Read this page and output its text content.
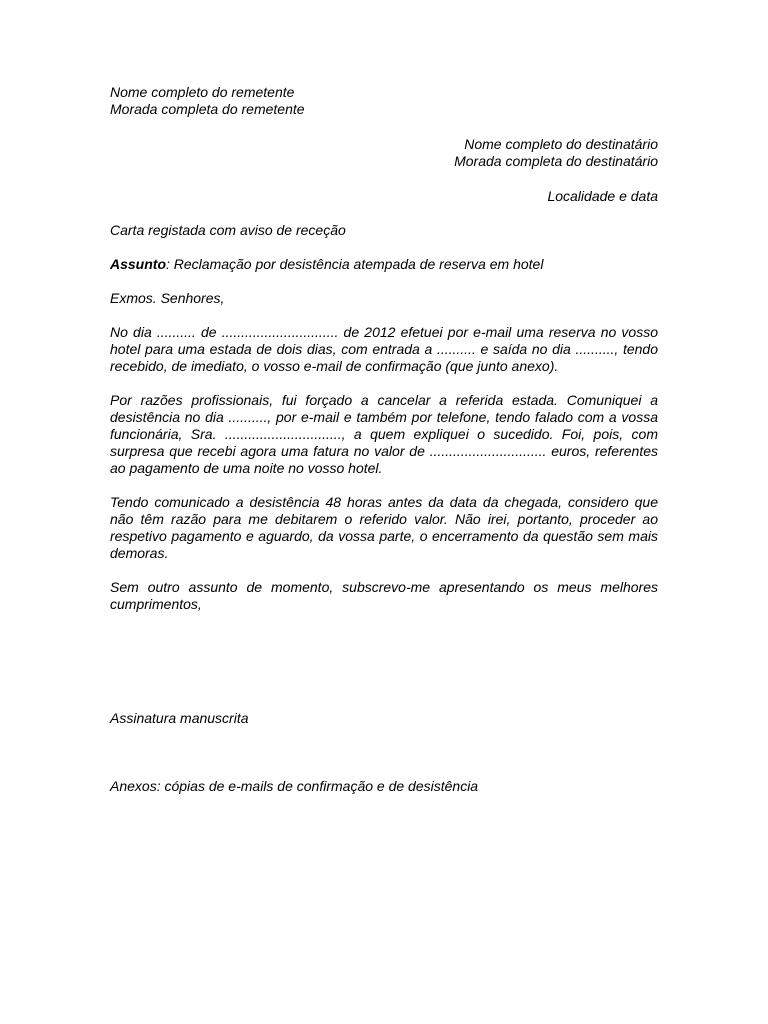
Nome completo do remetente
Morada completa do remetente
Nome completo do destinatário
Morada completa do destinatário
Localidade e data
Carta registada com aviso de receção
Assunto: Reclamação por desistência atempada de reserva em hotel
Exmos. Senhores,

No dia .......... de .............................. de 2012 efetuei por e-mail uma reserva no vosso hotel para uma estada de dois dias, com entrada a .......... e saída no dia .........., tendo recebido, de imediato, o vosso e-mail de confirmação (que junto anexo).

Por razões profissionais, fui forçado a cancelar a referida estada. Comuniquei a desistência no dia .........., por e-mail e também por telefone, tendo falado com a vossa funcionária, Sra. .............................., a quem expliquei o sucedido. Foi, pois, com surpresa que recebi agora uma fatura no valor de .............................. euros, referentes ao pagamento de uma noite no vosso hotel.

Tendo comunicado a desistência 48 horas antes da data da chegada, considero que não têm razão para me debitarem o referido valor. Não irei, portanto, proceder ao respetivo pagamento e aguardo, da vossa parte, o encerramento da questão sem mais demoras.

Sem outro assunto de momento, subscrevo-me apresentando os meus melhores cumprimentos,

Assinatura manuscrita
Anexos: cópias de e-mails de confirmação e de desistência
